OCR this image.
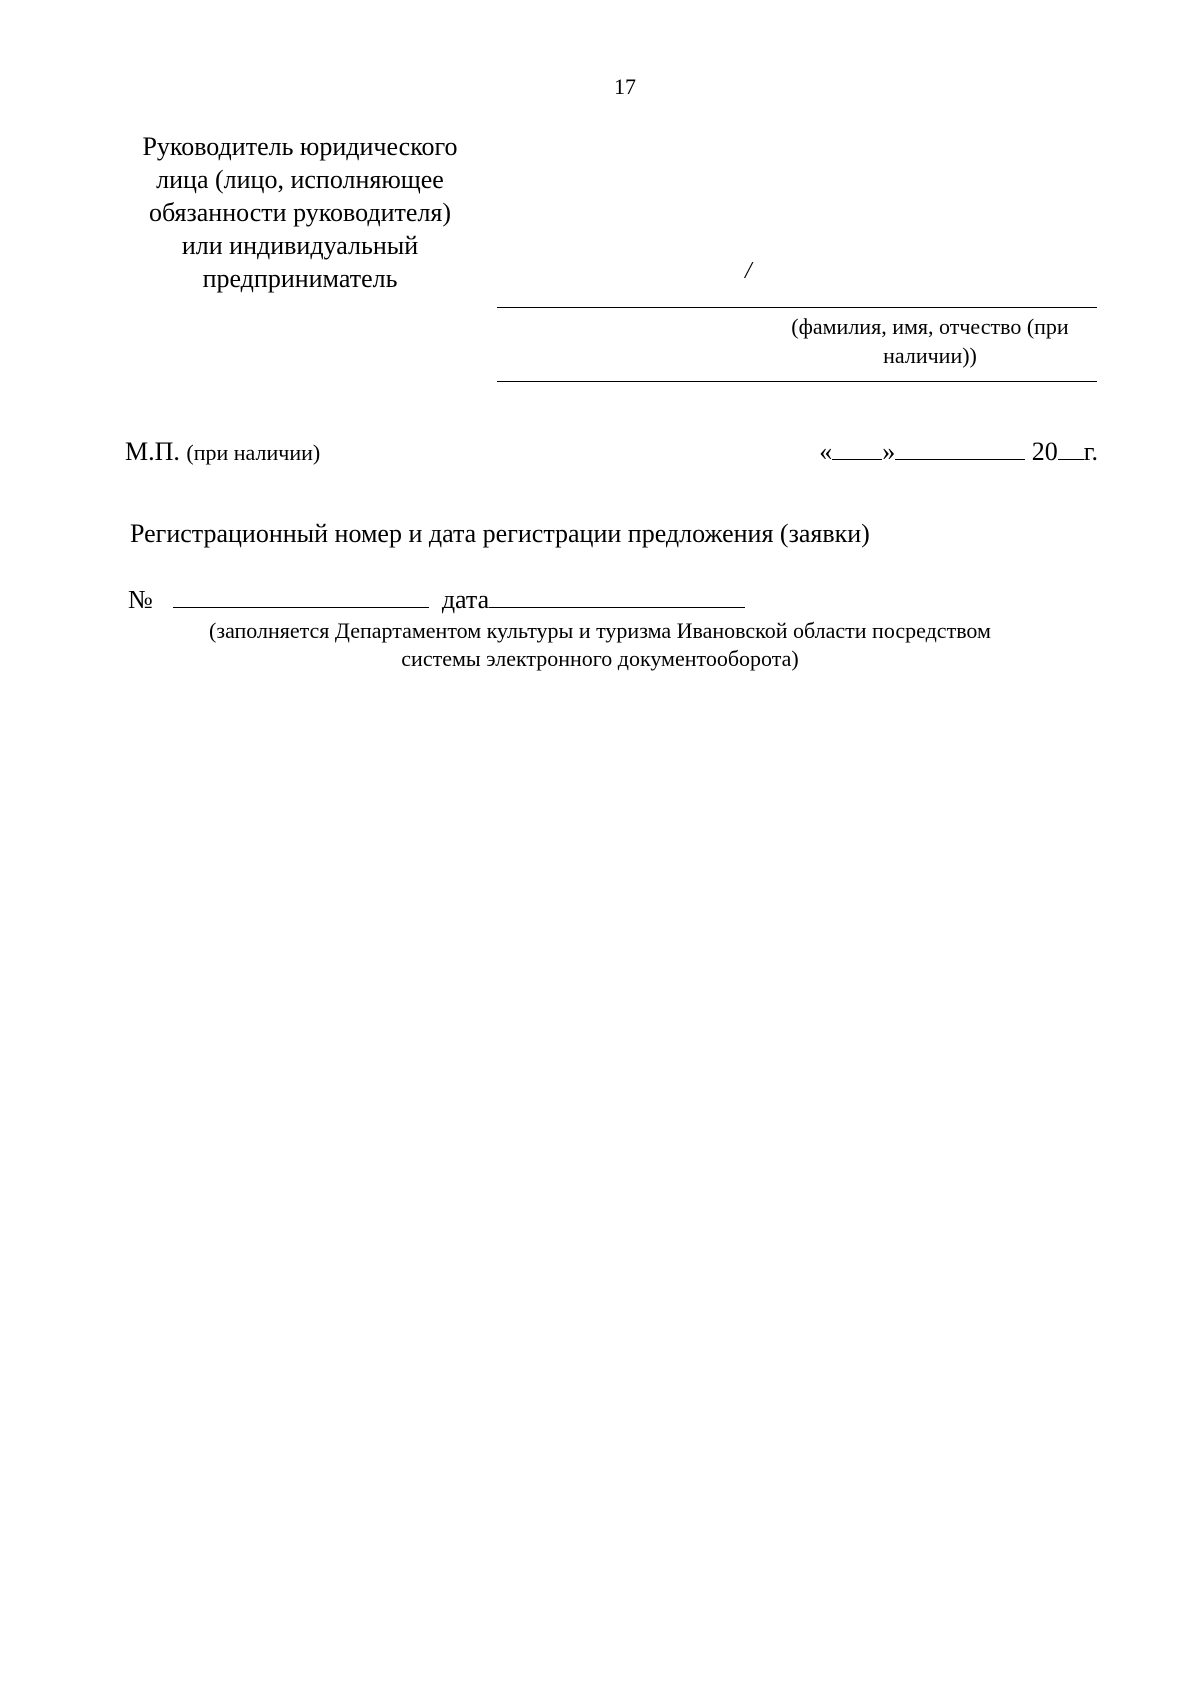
17
Руководитель юридического
лица (лицо, исполняющее
обязанности руководителя)
или индивидуальный
предприниматель	/
(фамилия, имя, отчество (при
наличии))
М.П. (при наличии)	« »	20 г.
Регистрационный номер и дата регистрации предложения (заявки)
№	дата
(заполняется Департаментом культуры и туризма Ивановской области посредством
системы электронного документооборота)
